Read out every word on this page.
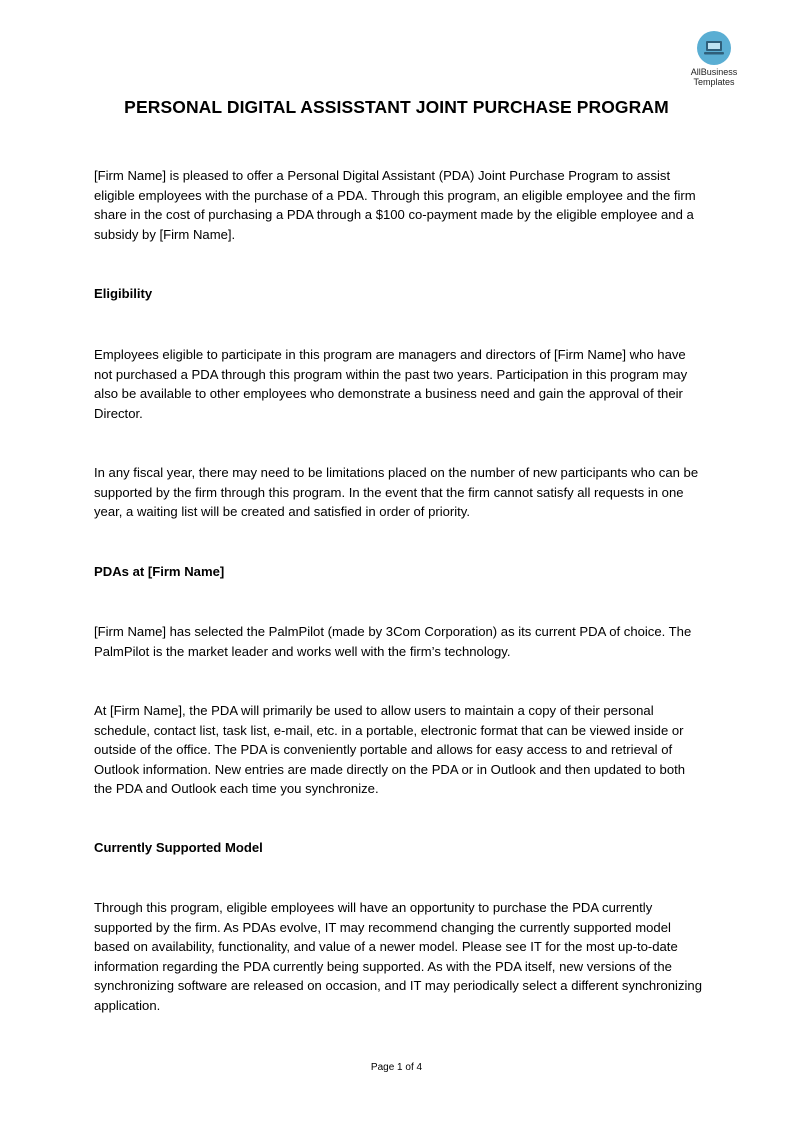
AllBusiness
Templates
PERSONAL DIGITAL ASSISSTANT JOINT PURCHASE PROGRAM
[Firm Name] is pleased to offer a Personal Digital Assistant (PDA) Joint Purchase Program to assist eligible employees with the purchase of a PDA. Through this program, an eligible employee and the firm share in the cost of purchasing a PDA through a $100 co-payment made by the eligible employee and a subsidy by [Firm Name].
Eligibility
Employees eligible to participate in this program are managers and directors of [Firm Name] who have not purchased a PDA through this program within the past two years. Participation in this program may also be available to other employees who demonstrate a business need and gain the approval of their Director.
In any fiscal year, there may need to be limitations placed on the number of new participants who can be supported by the firm through this program. In the event that the firm cannot satisfy all requests in one year, a waiting list will be created and satisfied in order of priority.
PDAs at [Firm Name]
[Firm Name] has selected the PalmPilot (made by 3Com Corporation) as its current PDA of choice. The PalmPilot is the market leader and works well with the firm’s technology.
At [Firm Name], the PDA will primarily be used to allow users to maintain a copy of their personal schedule, contact list, task list, e-mail, etc. in a portable, electronic format that can be viewed inside or outside of the office. The PDA is conveniently portable and allows for easy access to and retrieval of Outlook information. New entries are made directly on the PDA or in Outlook and then updated to both the PDA and Outlook each time you synchronize.
Currently Supported Model
Through this program, eligible employees will have an opportunity to purchase the PDA currently supported by the firm. As PDAs evolve, IT may recommend changing the currently supported model based on availability, functionality, and value of a newer model. Please see IT for the most up-to-date information regarding the PDA currently being supported. As with the PDA itself, new versions of the synchronizing software are released on occasion, and IT may periodically select a different synchronizing application.
Page 1 of 4
